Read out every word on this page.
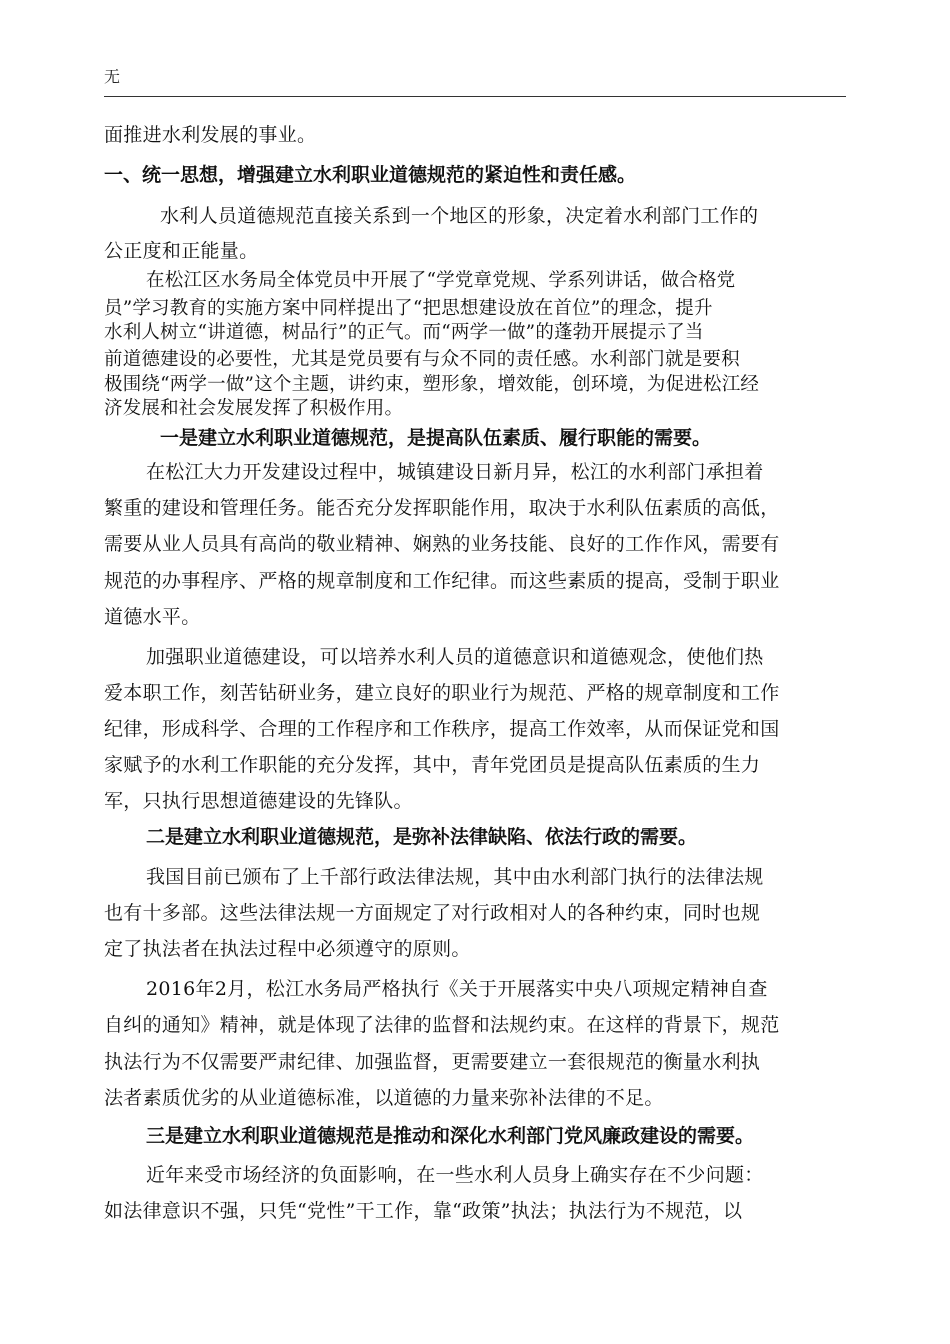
无
面推进水利发展的事业。
一、统一思想，增强建立水利职业道德规范的紧迫性和责任感。
水利人员道德规范直接关系到一个地区的形象，决定着水利部门工作的
公正度和正能量。
在松江区水务局全体党员中开展了“学党章党规、学系列讲话，做合格党
员”学习教育的实施方案中同样提出了“把思想建设放在首位”的理念，提升
水利人树立“讲道德，树品行”的正气。而“两学一做”的蓬勃开展提示了当
前道德建设的必要性，尤其是党员要有与众不同的责任感。水利部门就是要积
极围绕“两学一做”这个主题，讲约束，塑形象，增效能，创环境，为促进松江经
济发展和社会发展发挥了积极作用。
一是建立水利职业道德规范，是提高队伍素质、履行职能的需要。
在松江大力开发建设过程中，城镇建设日新月异，松江的水利部门承担着
繁重的建设和管理任务。能否充分发挥职能作用，取决于水利队伍素质的高低，
需要从业人员具有高尚的敬业精神、娴熟的业务技能、良好的工作作风，需要有
规范的办事程序、严格的规章制度和工作纪律。而这些素质的提高，受制于职业
道德水平。
加强职业道德建设，可以培养水利人员的道德意识和道德观念，使他们热
爱本职工作，刻苦钻研业务，建立良好的职业行为规范、严格的规章制度和工作
纪律，形成科学、合理的工作程序和工作秩序，提高工作效率，从而保证党和国
家赋予的水利工作职能的充分发挥，其中，青年党团员是提高队伍素质的生力
军，只执行思想道德建设的先锋队。
二是建立水利职业道德规范，是弥补法律缺陷、依法行政的需要。
我国目前已颁布了上千部行政法律法规，其中由水利部门执行的法律法规
也有十多部。这些法律法规一方面规定了对行政相对人的各种约束，同时也规
定了执法者在执法过程中必须遵守的原则。
2016年2月，松江水务局严格执行《关于开展落实中央八项规定精神自查
自纠的通知》精神，就是体现了法律的监督和法规约束。在这样的背景下，规范
执法行为不仅需要严肃纪律、加强监督，更需要建立一套很规范的衡量水利执
法者素质优劣的从业道德标准，以道德的力量来弥补法律的不足。
三是建立水利职业道德规范是推动和深化水利部门党风廉政建设的需要。
近年来受市场经济的负面影响，在一些水利人员身上确实存在不少问题：
如法律意识不强，只凭“党性”干工作，靠“政策”执法；执法行为不规范，以
